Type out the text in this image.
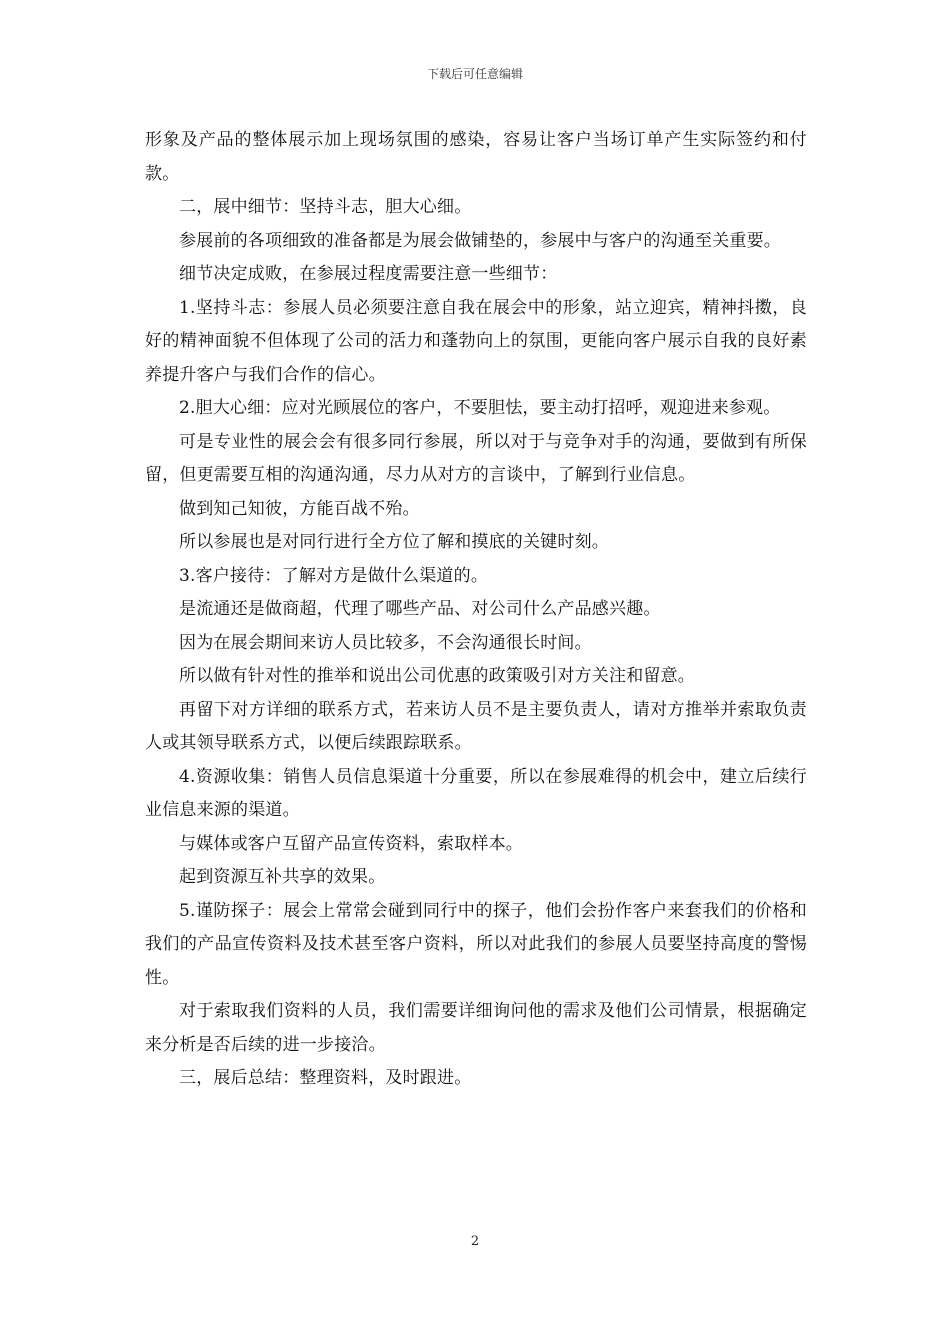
下载后可任意编辑

形象及产品的整体展示加上现场氛围的感染，容易让客户当场订单产生实际签约和付款。

二，展中细节：坚持斗志，胆大心细。

参展前的各项细致的准备都是为展会做铺垫的，参展中与客户的沟通至关重要。

细节决定成败，在参展过程度需要注意一些细节：

1.坚持斗志：参展人员必须要注意自我在展会中的形象，站立迎宾，精神抖擞，良好的精神面貌不但体现了公司的活力和蓬勃向上的氛围，更能向客户展示自我的良好素养提升客户与我们合作的信心。

2.胆大心细：应对光顾展位的客户，不要胆怯，要主动打招呼，观迎进来参观。

可是专业性的展会会有很多同行参展，所以对于与竞争对手的沟通，要做到有所保留，但更需要互相的沟通沟通，尽力从对方的言谈中，了解到行业信息。

做到知己知彼，方能百战不殆。

所以参展也是对同行进行全方位了解和摸底的关键时刻。

3.客户接待：了解对方是做什么渠道的。

是流通还是做商超，代理了哪些产品、对公司什么产品感兴趣。

因为在展会期间来访人员比较多，不会沟通很长时间。

所以做有针对性的推举和说出公司优惠的政策吸引对方关注和留意。

再留下对方详细的联系方式，若来访人员不是主要负责人，请对方推举并索取负责人或其领导联系方式，以便后续跟踪联系。

4.资源收集：销售人员信息渠道十分重要，所以在参展难得的机会中，建立后续行业信息来源的渠道。

与媒体或客户互留产品宣传资料，索取样本。

起到资源互补共享的效果。

5.谨防探子：展会上常常会碰到同行中的探子，他们会扮作客户来套我们的价格和我们的产品宣传资料及技术甚至客户资料，所以对此我们的参展人员要坚持高度的警惕性。

对于索取我们资料的人员，我们需要详细询问他的需求及他们公司情景，根据确定来分析是否后续的进一步接洽。

三，展后总结：整理资料，及时跟进。

2
